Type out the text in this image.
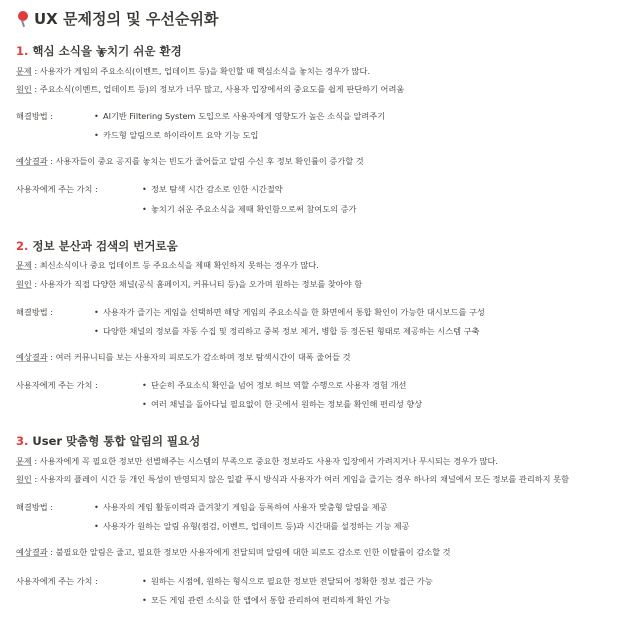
UX 문제정의 및 우선순위화
1. 핵심 소식을 놓치기 쉬운 환경
문제 : 사용자가 게임의 주요소식(이벤트, 업데이트 등)을 확인할 때 핵심소식을 놓치는 경우가 많다.
원인 : 주요소식(이벤트, 업데이트 등)의 정보가 너무 많고, 사용자 입장에서의 중요도를 쉽게 판단하기 어려움
해결방법 :	• AI기반 Filtering System 도입으로 사용자에게 영향도가 높은 소식을 알려주기
• 카드형 알림으로 하이라이트 요약 기능 도입
예상결과 : 사용자들이 중요 공지를 놓치는 빈도가 줄어들고 알림 수신 후 정보 확인률이 증가할 것
사용자에게 주는 가치 :	• 정보 탐색 시간 감소로 인한 시간절약
• 놓치기 쉬운 주요소식을 제때 확인함으로써 참여도의 증가
2. 정보 분산과 검색의 번거로움
문제 : 최신소식이나 중요 업데이트 등 주요소식을 제때 확인하지 못하는 경우가 많다.
원인 : 사용자가 직접 다양한 채널(공식 홈페이지, 커뮤니티 등)을 오가며 원하는 정보를 찾아야 함
해결방법 :	• 사용자가 즐기는 게임을 선택하면 해당 게임의 주요소식을 한 화면에서 통합 확인이 가능한 대시보드를 구성
• 다양한 채널의 정보를 자동 수집 및 정리하고 중복 정보 제거, 병합 등 정돈된 형태로 제공하는 시스템 구축
예상결과 : 여러 커뮤니티를 보는 사용자의 피로도가 감소하며 정보 탐색시간이 대폭 줄어들 것
사용자에게 주는 가치 :	• 단순히 주요소식 확인을 넘어 정보 허브 역할 수행으로 사용자 경험 개선
• 여러 채널을 돌아다닐 필요없이 한 곳에서 원하는 정보를 확인해 편리성 향상
3. User 맞춤형 통합 알림의 필요성
문제 : 사용자에게 꼭 필요한 정보만 선별해주는 시스템의 부족으로 중요한 정보라도 사용자 입장에서 가려지거나 무시되는 경우가 많다.
원인 : 사용자의 플레이 시간 등 개인 특성이 반영되지 않은 일괄 푸시 방식과 사용자가 여러 게임을 즐기는 경우 하나의 채널에서 모든 정보를 관리하지 못함
해결방법 :	• 사용자의 게임 활동이력과 즐겨찾기 게임을 등록하여 사용자 맞춤형 알림을 제공
• 사용자가 원하는 알림 유형(점검, 이벤트, 업데이트 등)과 시간대를 설정하는 기능 제공
예상결과 : 불필요한 알림은 줄고, 필요한 정보만 사용자에게 전달되며 알림에 대한 피로도 감소로 인한 이탈률이 감소할 것
사용자에게 주는 가치 :	• 원하는 시점에, 원하는 형식으로 필요한 정보만 전달되어 정확한 정보 접근 가능
• 모든 게임 관련 소식을 한 앱에서 통합 관리하여 편리하게 확인 가능
